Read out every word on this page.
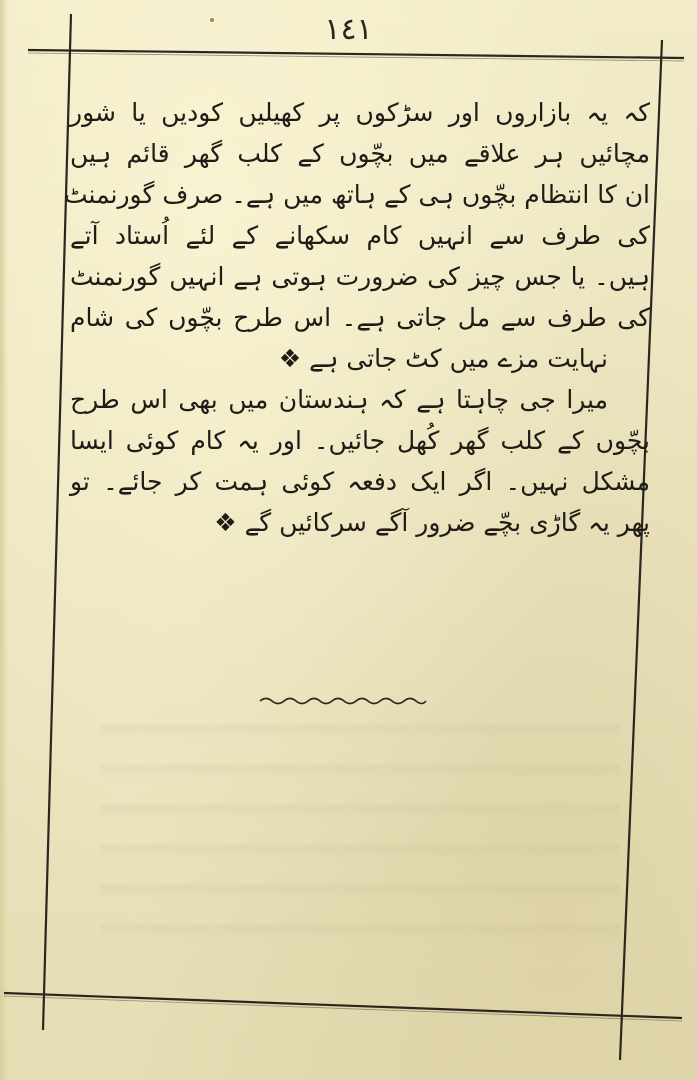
١٤١
کہ یہ بازاروں اور سڑکوں پر کھیلیں کودیں یا شور
مچائیں ہر علاقے میں بچّوں کے کلب گھر قائم ہیں
ان کا انتظام بچّوں ہی کے ہاتھ میں ہے۔ صرف گورنمنٹ
کی طرف سے انہیں کام سکھانے کے لئے اُستاد آتے
ہیں۔ یا جس چیز کی ضرورت ہوتی ہے انہیں گورنمنٹ
کی طرف سے مل جاتی ہے۔ اس طرح بچّوں کی شام
نہایت مزے میں کٹ جاتی ہے ❖
میرا جی چاہتا ہے کہ ہندستان میں بھی اس طرح
بچّوں کے کلب گھر کُھل جائیں۔ اور یہ کام کوئی ایسا
مشکل نہیں۔ اگر ایک دفعہ کوئی ہمت کر جائے۔ تو
پھر یہ گاڑی بچّے ضرور آگے سرکائیں گے ❖
